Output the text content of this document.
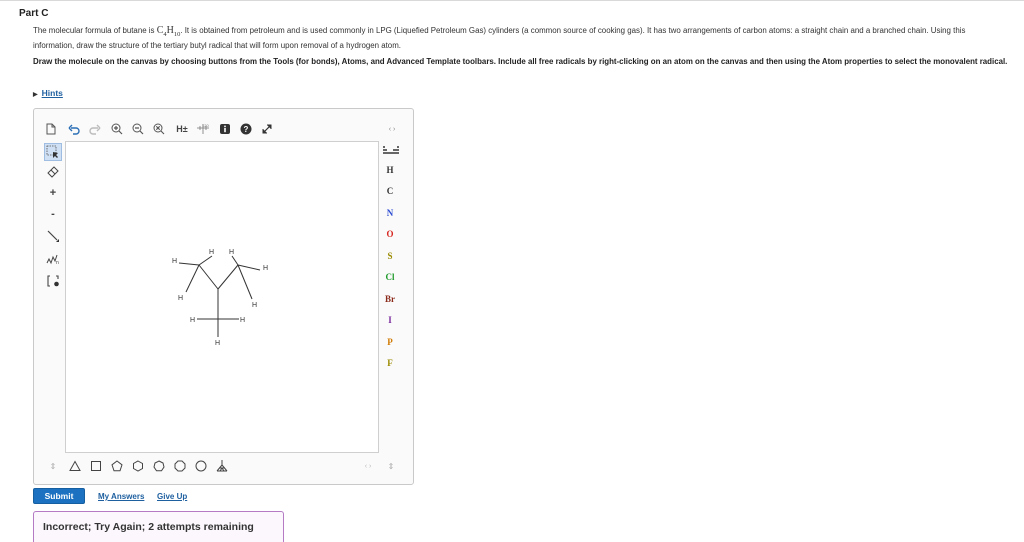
Part C
The molecular formula of butane is $C_4H_{10}$. It is obtained from petroleum and is used commonly in LPG (Liquefied Petroleum Gas) cylinders (a common source of cooking gas). It has two arrangements of carbon atoms: a straight chain and a branched chain. Using this information, draw the structure of the tertiary butyl radical that will form upon removal of a hydrogen atom.
Draw the molecule on the canvas by choosing buttons from the Tools (for bonds), Atoms, and Advanced Template toolbars. Include all free radicals by right-clicking on an atom on the canvas and then using the Atom properties to select the monovalent radical.
▶ Hints
H±	120	?	‹ ›
+
-
n	H
H H
H
H
H
H	H
H
H
C
N
O
S
Cl
Br
I
P
F
⇕	‹ ›	⇕
Submit	My Answers Give Up
Incorrect; Try Again; 2 attempts remaining
